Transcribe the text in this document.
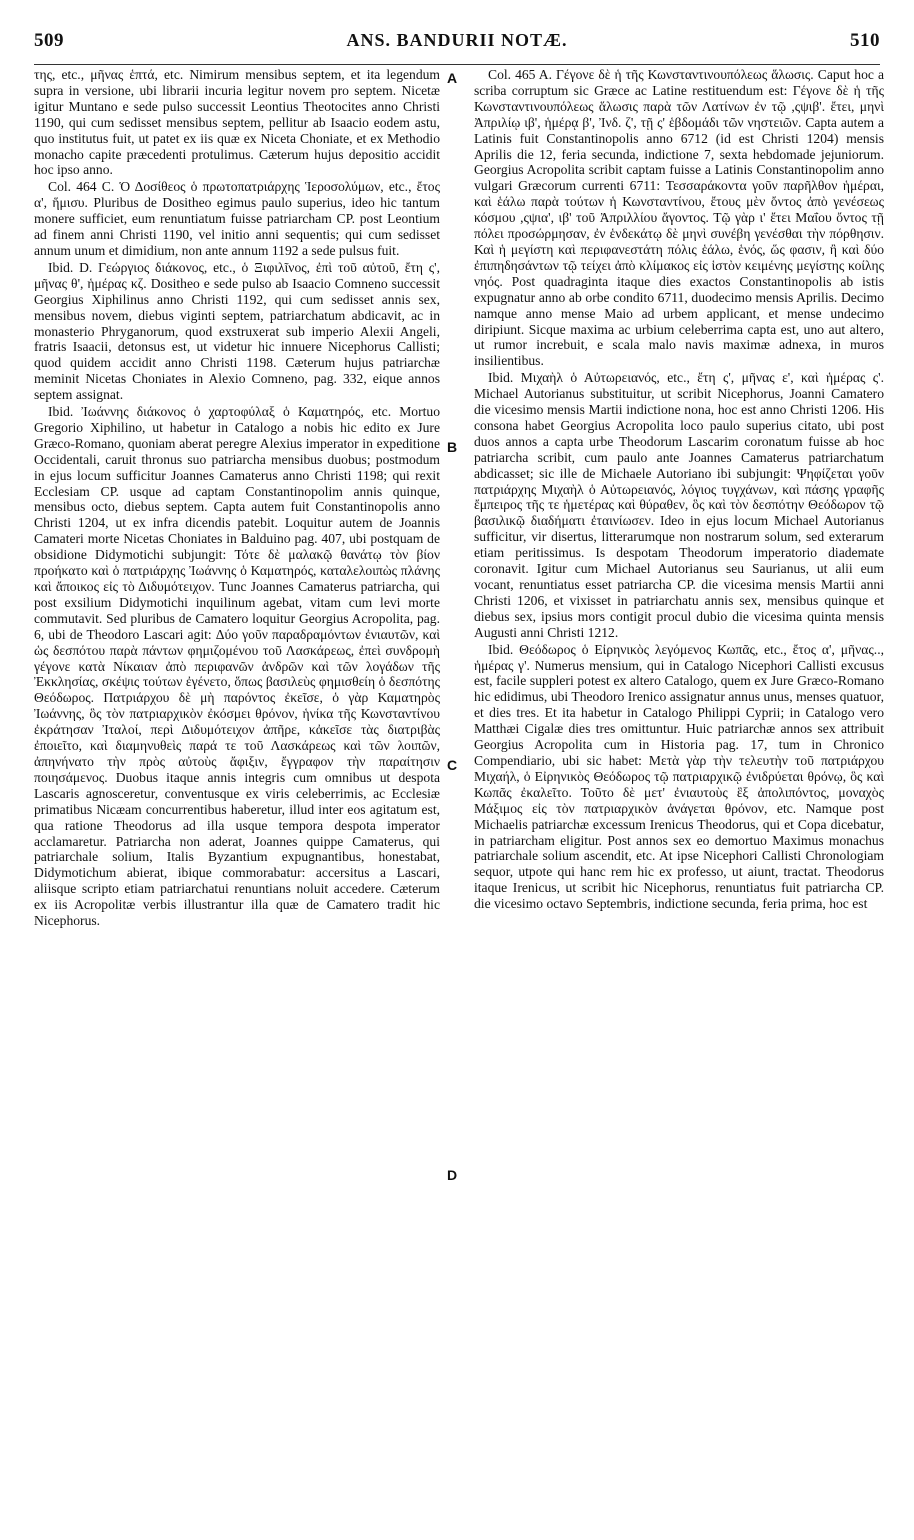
509	ANS. BANDURII NOTÆ.	510

της, etc., μῆνας ἑπτά, etc. Nimirum mensibus septem, et ita legendum supra in versione, ubi librarii incuria legitur novem pro septem. Nicetæ igitur Muntano e sede pulso successit Leontius Theotocites anno Christi 1190, qui cum sedisset mensibus septem, pellitur ab Isaacio eodem astu, quo institutus fuit, ut patet ex iis quæ ex Niceta Choniate, et ex Methodio monacho capite præcedenti protulimus. Cæterum hujus depositio accidit hoc ipso anno.

Col. 464 C. Ὁ Δοσίθεος ὁ πρωτοπατριάρχης Ἱεροσολύμων, etc., ἔτος α', ἥμισυ. Pluribus de Dositheo egimus paulo superius, ideo hic tantum monere sufficiet, eum renuntiatum fuisse patriarcham CP. post Leontium ad finem anni Christi 1190, vel initio anni sequentis; qui cum sedisset annum unum et dimidium, non ante annum 1192 a sede pulsus fuit.

Ibid. D. Γεώργιος διάκονος, etc., ὁ Ξιφιλῖνος, ἐπὶ τοῦ αὐτοῦ, ἔτη ς', μῆνας θ', ἡμέρας κζ. Dositheo e sede pulso ab Isaacio Comneno successit Georgius Xiphilinus anno Christi 1192, qui cum sedisset annis sex, mensibus novem, diebus viginti septem, patriarchatum abdicavit, ac in monasterio Phryganorum, quod exstruxerat sub imperio Alexii Angeli, fratris Isaacii, detonsus est, ut videtur hic innuere Nicephorus Callisti; quod quidem accidit anno Christi 1198. Cæterum hujus patriarchæ meminit Nicetas Choniates in Alexio Comneno, pag. 332, eique annos septem assignat.

Ibid. Ἰωάννης διάκονος ὁ χαρτοφύλαξ ὁ Καματηρός, etc. Mortuo Gregorio Xiphilino, ut habetur in Catalogo a nobis hic edito ex Jure Græco-Romano, quoniam aberat peregre Alexius imperator in expeditione Occidentali, caruit thronus suo patriarcha mensibus duobus; postmodum in ejus locum sufficitur Joannes Camaterus anno Christi 1198; qui rexit Ecclesiam CP. usque ad captam Constantinopolim annis quinque, mensibus octo, diebus septem. Capta autem fuit Constantinopolis anno Christi 1204, ut ex infra dicendis patebit. Loquitur autem de Joannis Camateri morte Nicetas Choniates in Balduino pag. 407, ubi postquam de obsidione Didymotichi subjungit: Τότε δὲ μαλακῷ θανάτῳ τὸν βίον προήκατο καὶ ὁ πατριάρχης Ἰωάννης ὁ Καματηρός, καταλελοιπὼς πλάνης καὶ ἄποικος εἰς τὸ Διδυμότειχον. Tunc Joannes Camaterus patriarcha, qui post exsilium Didymotichi inquilinum agebat, vitam cum levi morte commutavit. Sed pluribus de Camatero loquitur Georgius Acropolita, pag. 6, ubi de Theodoro Lascari agit: Δύο γοῦν παραδραμόντων ἐνιαυτῶν, καὶ ὡς δεσπότου παρὰ πάντων φημιζομένου τοῦ Λασκάρεως, ἐπεὶ συνδρομὴ γέγονε κατὰ Νίκαιαν ἀπὸ περιφανῶν ἀνδρῶν καὶ τῶν λογάδων τῆς Ἐκκλησίας, σκέψις τούτων ἐγένετο, ὅπως βασιλεὺς φημισθείη ὁ δεσπότης Θεόδωρος. Πατριάρχου δὲ μὴ παρόντος ἐκεῖσε, ὁ γὰρ Καματηρὸς Ἰωάννης, ὃς τὸν πατριαρχικὸν ἐκόσμει θρόνον, ἡνίκα τῆς Κωνσταντίνου ἐκράτησαν Ἰταλοί, περὶ Διδυμότειχον ἀπῆρε, κἀκεῖσε τὰς διατριβὰς ἐποιεῖτο, καὶ διαμηνυθεὶς παρά τε τοῦ Λασκάρεως καὶ τῶν λοιπῶν, ἀπηνήνατο τὴν πρὸς αὐτοὺς ἄφιξιν, ἔγγραφον τὴν παραίτησιν ποιησάμενος. Duobus itaque annis integris cum omnibus ut despota Lascaris agnosceretur, conventusque ex viris celeberrimis, ac Ecclesiæ primatibus Nicæam concurrentibus haberetur, illud inter eos agitatum est, qua ratione Theodorus ad illa usque tempora despota imperator acclamaretur. Patriarcha non aderat, Joannes quippe Camaterus, qui patriarchale solium, Italis Byzantium expugnantibus, honestabat, Didymotichum abierat, ibique commorabatur: accersitus a Lascari, aliisque scripto etiam patriarchatui renuntians noluit accedere. Cæterum ex iis Acropolitæ verbis illustrantur illa quæ de Camatero tradit hic Nicephorus.

A
B
C
D

Col. 465 A. Γέγονε δὲ ἡ τῆς Κωνσταντινουπόλεως ἅλωσις. Caput hoc a scriba corruptum sic Græce ac Latine restituendum est: Γέγονε δὲ ἡ τῆς Κωνσταντινουπόλεως ἅλωσις παρὰ τῶν Λατίνων ἐν τῷ ,ςψιβ'. ἔτει, μηνὶ Ἀπριλίῳ ιβ', ἡμέρᾳ β', Ἰνδ. ζ', τῇ ς' ἑβδομάδι τῶν νηστειῶν. Capta autem a Latinis fuit Constantinopolis anno 6712 (id est Christi 1204) mensis Aprilis die 12, feria secunda, indictione 7, sexta hebdomade jejuniorum. Georgius Acropolita scribit captam fuisse a Latinis Constantinopolim anno vulgari Græcorum currenti 6711: Τεσσαράκοντα γοῦν παρῆλθον ἡμέραι, καὶ ἑάλω παρὰ τούτων ἡ Κωνσταντίνου, ἔτους μὲν ὄντος ἀπὸ γενέσεως κόσμου ,ςψια', ιβ' τοῦ Ἀπριλλίου ἄγοντος. Τῷ γὰρ ι' ἔτει Μαΐου ὄντος τῇ πόλει προσώρμησαν, ἐν ἑνδεκάτῳ δὲ μηνὶ συνέβη γενέσθαι τὴν πόρθησιν. Καὶ ἡ μεγίστη καὶ περιφανεστάτη πόλις ἑάλω, ἑνός, ὥς φασιν, ἢ καὶ δύο ἐπιπηδησάντων τῷ τείχει ἀπὸ κλίμακος εἰς ἱστὸν κειμένης μεγίστης κοίλης νηός. Post quadraginta itaque dies exactos Constantinopolis ab istis expugnatur anno ab orbe condito 6711, duodecimo mensis Aprilis. Decimo namque anno mense Maio ad urbem applicant, et mense undecimo diripiunt. Sicque maxima ac urbium celeberrima capta est, uno aut altero, ut rumor increbuit, e scala malo navis maximæ adnexa, in muros insilientibus.

Ibid. Μιχαὴλ ὁ Αὐτωρειανός, etc., ἔτη ς', μῆνας ε', καὶ ἡμέρας ς'. Michael Autorianus substituitur, ut scribit Nicephorus, Joanni Camatero die vicesimo mensis Martii indictione nona, hoc est anno Christi 1206. His consona habet Georgius Acropolita loco paulo superius citato, ubi post duos annos a capta urbe Theodorum Lascarim coronatum fuisse ab hoc patriarcha scribit, cum paulo ante Joannes Camaterus patriarchatum abdicasset; sic ille de Michaele Autoriano ibi subjungit: Ψηφίζεται γοῦν πατριάρχης Μιχαὴλ ὁ Αὐτωρειανός, λόγιος τυγχάνων, καὶ πάσης γραφῆς ἔμπειρος τῆς τε ἡμετέρας καὶ θύραθεν, ὃς καὶ τὸν δεσπότην Θεόδωρον τῷ βασιλικῷ διαδήματι ἐταινίωσεν. Ideo in ejus locum Michael Autorianus sufficitur, vir disertus, litterarumque non nostrarum solum, sed exterarum etiam peritissimus. Is despotam Theodorum imperatorio diademate coronavit. Igitur cum Michael Autorianus seu Saurianus, ut alii eum vocant, renuntiatus esset patriarcha CP. die vicesima mensis Martii anni Christi 1206, et vixisset in patriarchatu annis sex, mensibus quinque et diebus sex, ipsius mors contigit procul dubio die vicesima quinta mensis Augusti anni Christi 1212.

Ibid. Θεόδωρος ὁ Εἰρηνικὸς λεγόμενος Κωπᾶς, etc., ἔτος α', μῆνας.., ἡμέρας γ'. Numerus mensium, qui in Catalogo Nicephori Callisti excusus est, facile suppleri potest ex altero Catalogo, quem ex Jure Græco-Romano hic edidimus, ubi Theodoro Irenico assignatur annus unus, menses quatuor, et dies tres. Et ita habetur in Catalogo Philippi Cyprii; in Catalogo vero Matthæi Cigalæ dies tres omittuntur. Huic patriarchæ annos sex attribuit Georgius Acropolita cum in Historia pag. 17, tum in Chronico Compendiario, ubi sic habet: Μετὰ γὰρ τὴν τελευτὴν τοῦ πατριάρχου Μιχαήλ, ὁ Εἰρηνικὸς Θεόδωρος τῷ πατριαρχικῷ ἐνιδρύεται θρόνῳ, ὃς καὶ Κωπᾶς ἐκαλεῖτο. Τοῦτο δὲ μετ' ἐνιαυτοὺς ἓξ ἀπολιπόντος, μοναχὸς Μάξιμος εἰς τὸν πατριαρχικὸν ἀνάγεται θρόνον, etc. Namque post Michaelis patriarchæ excessum Irenicus Theodorus, qui et Copa dicebatur, in patriarcham eligitur. Post annos sex eo demortuo Maximus monachus patriarchale solium ascendit, etc. At ipse Nicephori Callisti Chronologiam sequor, utpote qui hanc rem hic ex professo, ut aiunt, tractat. Theodorus itaque Irenicus, ut scribit hic Nicephorus, renuntiatus fuit patriarcha CP. die vicesimo octavo Septembris, indictione secunda, feria prima, hoc est
